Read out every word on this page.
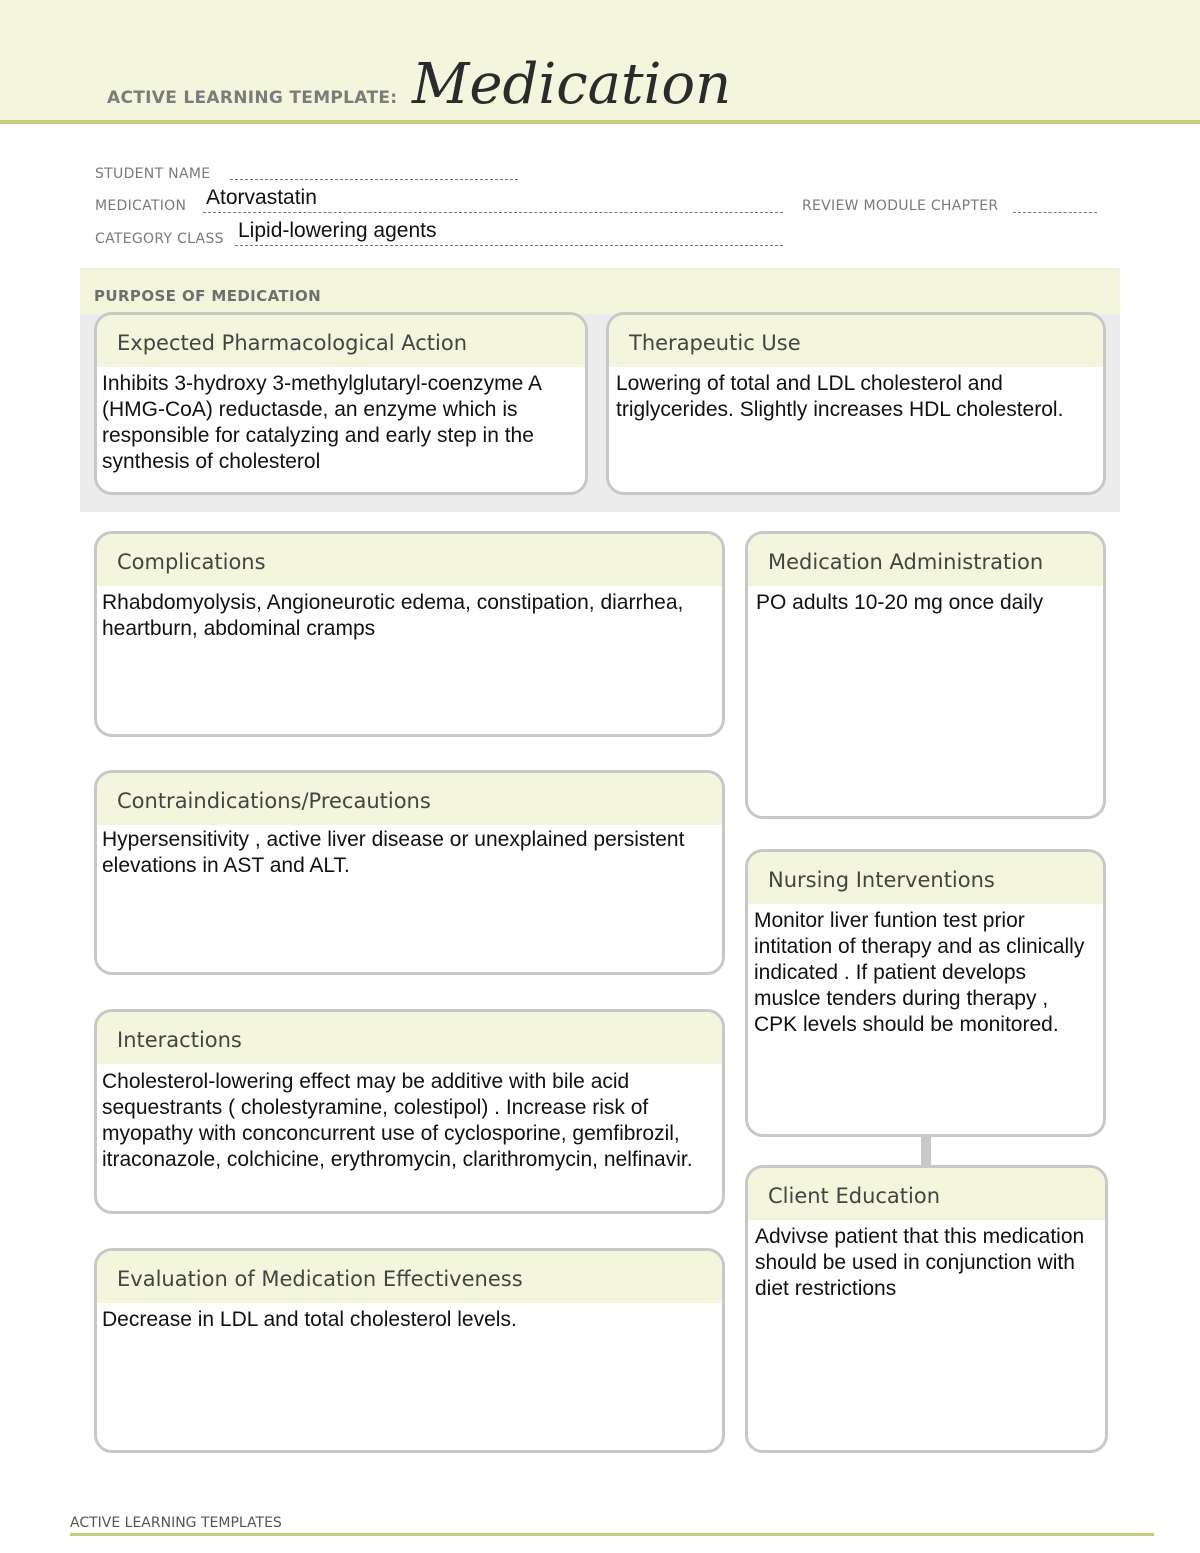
ACTIVE LEARNING TEMPLATE: Medication
STUDENT NAME
MEDICATION Atorvastatin	REVIEW MODULE CHAPTER
CATEGORY CLASS Lipid-lowering agents
PURPOSE OF MEDICATION
Expected Pharmacological Action
Inhibits 3-hydroxy 3-methylglutaryl-coenzyme A (HMG-CoA) reductasde, an enzyme which is responsible for catalyzing and early step in the synthesis of cholesterol
Therapeutic Use
Lowering of total and LDL cholesterol and triglycerides. Slightly increases HDL cholesterol.
Complications
Rhabdomyolysis, Angioneurotic edema, constipation, diarrhea, heartburn, abdominal cramps
Contraindications/Precautions
Hypersensitivity , active liver disease or unexplained persistent elevations in AST and ALT.
Interactions
Cholesterol-lowering effect may be additive with bile acid sequestrants ( cholestyramine, colestipol) . Increase risk of myopathy with conconcurrent use of cyclosporine, gemfibrozil, itraconazole, colchicine, erythromycin, clarithromycin, nelfinavir.
Evaluation of Medication Effectiveness
Decrease in LDL and total cholesterol levels.
Medication Administration
PO adults 10-20 mg once daily
Nursing Interventions
Monitor liver funtion test prior intitation of therapy and as clinically indicated . If patient develops muslce tenders during therapy , CPK levels should be monitored.
Client Education
Advivse patient that this medication should be used in conjunction with diet restrictions
ACTIVE LEARNING TEMPLATES
